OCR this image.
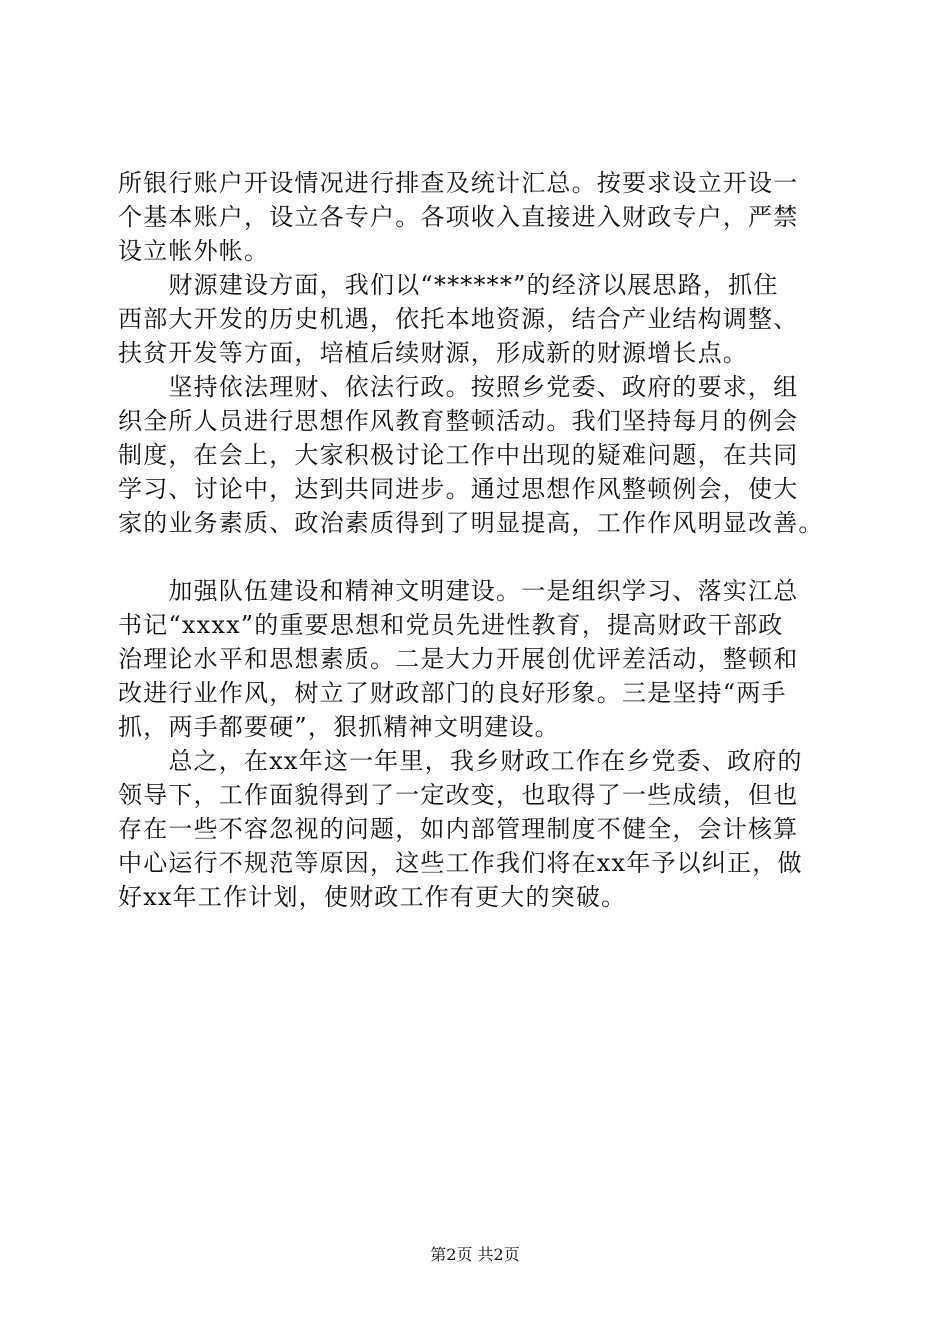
所银行账户开设情况进行排查及统计汇总。按要求设立开设一
个基本账户，设立各专户。各项收入直接进入财政专户，严禁
设立帐外帐。
　　财源建设方面，我们以“******”的经济以展思路，抓住
西部大开发的历史机遇，依托本地资源，结合产业结构调整、
扶贫开发等方面，培植后续财源，形成新的财源增长点。
　　坚持依法理财、依法行政。按照乡党委、政府的要求，组
织全所人员进行思想作风教育整顿活动。我们坚持每月的例会
制度，在会上，大家积极讨论工作中出现的疑难问题，在共同
学习、讨论中，达到共同进步。通过思想作风整顿例会，使大
家的业务素质、政治素质得到了明显提高，工作作风明显改善。
　　加强队伍建设和精神文明建设。一是组织学习、落实江总
书记“xxxx”的重要思想和党员先进性教育，提高财政干部政
治理论水平和思想素质。二是大力开展创优评差活动，整顿和
改进行业作风，树立了财政部门的良好形象。三是坚持“两手
抓，两手都要硬”，狠抓精神文明建设。
　　总之，在xx年这一年里，我乡财政工作在乡党委、政府的
领导下，工作面貌得到了一定改变，也取得了一些成绩，但也
存在一些不容忽视的问题，如内部管理制度不健全，会计核算
中心运行不规范等原因，这些工作我们将在xx年予以纠正，做
好xx年工作计划，使财政工作有更大的突破。
第2页 共2页
